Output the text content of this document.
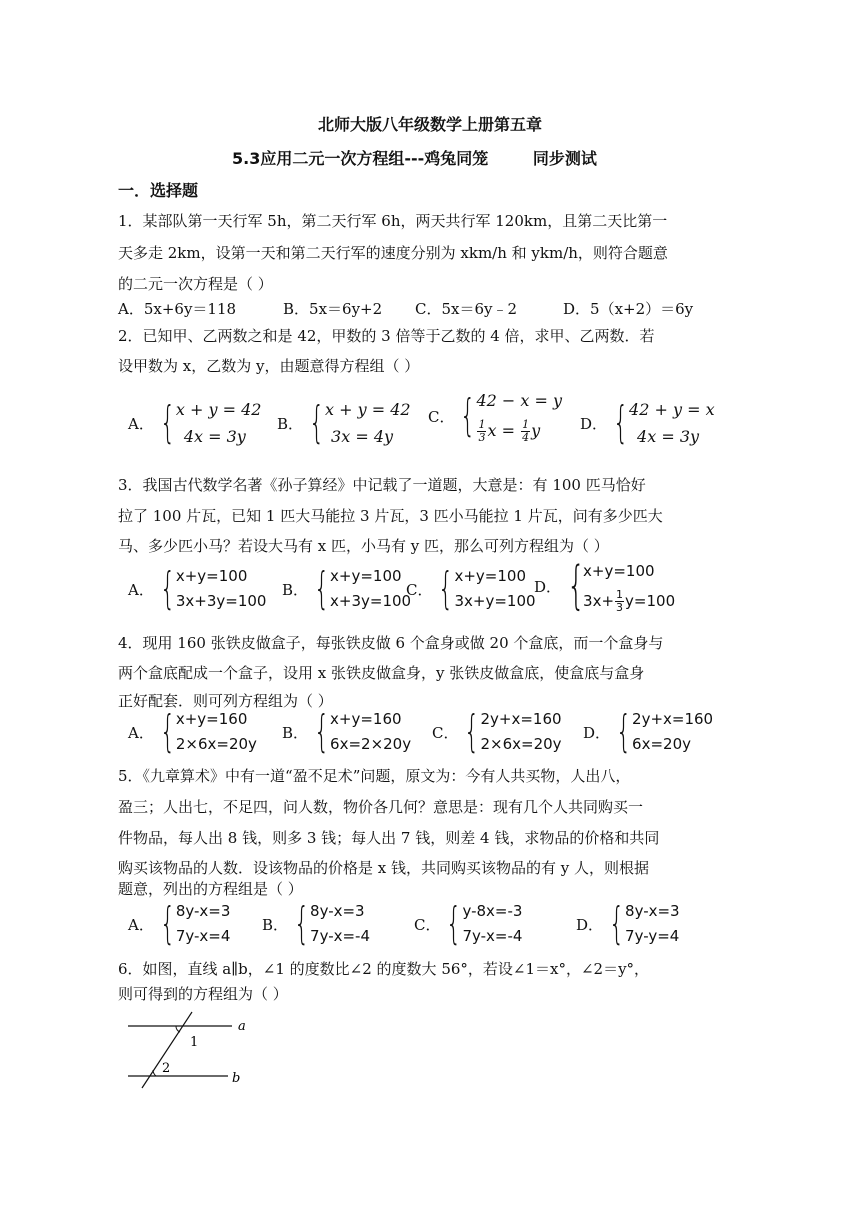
北师大版八年级数学上册第五章
5.3应用二元一次方程组---鸡兔同笼        同步测试
一．选择题
1．某部队第一天行军 5h，第二天行军 6h，两天共行军 120km，且第二天比第一
天多走 2km，设第一天和第二天行军的速度分别为 xkm/h 和 ykm/h，则符合题意
的二元一次方程是（ ）
A．5x+6y＝118	B．5x＝6y+2 C．5x＝6y﹣2	D．5（x+2）＝6y
2．已知甲、乙两数之和是 42，甲数的 3 倍等于乙数的 4 倍，求甲、乙两数．若
设甲数为 x，乙数为 y，由题意得方程组（ ）
A． { x + y = 42
4x = 3y
B． { x + y = 42
3x = 4y
C． { 42 − x = y
$\frac{1}{3}$ $x = \frac{1}{4}$ y	D． { 42 + y = x
4x = 3y
3．我国古代数学名著《孙子算经》中记载了一道题，大意是：有 100 匹马恰好
拉了 100 片瓦，已知 1 匹大马能拉 3 片瓦，3 匹小马能拉 1 片瓦，问有多少匹大
马、多少匹小马？若设大马有 x 匹，小马有 y 匹，那么可列方程组为（ ）
A． { x+y=100
3x+3y=100
B． { x+y=100
x+3y=100
C． { x+y=100
3x+y=100
D． {
x+y=100
$3x+ \frac{1}{3} y=100$
4．现用 160 张铁皮做盒子，每张铁皮做 6 个盒身或做 20 个盒底，而一个盒身与
两个盒底配成一个盒子，设用 x 张铁皮做盒身，y 张铁皮做盒底，使盒底与盒身
正好配套．则可列方程组为（ ）
A． { x+y=160
2×6x=20y
B． { x+y=160
6x=2×20y
C． { 2y+x=160
2×6x=20y
D． { 2y+x=160
6x=20y
5．《九章算术》中有一道“盈不足术”问题，原文为：今有人共买物，人出八，
盈三；人出七，不足四，问人数，物价各几何？意思是：现有几个人共同购买一
件物品，每人出 8 钱，则多 3 钱；每人出 7 钱，则差 4 钱，求物品的价格和共同
购买该物品的人数．设该物品的价格是 x 钱，共同购买该物品的有 y 人，则根据
题意，列出的方程组是（ ）
A． { 8y-x=3
7y-x=4
B． { 8y-x=3
7y-x=-4
C． { y-8x=-3
7y-x=-4
D． { 8y-x=3
7y-y=4
6．如图，直线 a∥b，∠1 的度数比∠2 的度数大 56°，若设∠1＝x°，∠2＝y°，
则可得到的方程组为（ ）
a
b
1
2
